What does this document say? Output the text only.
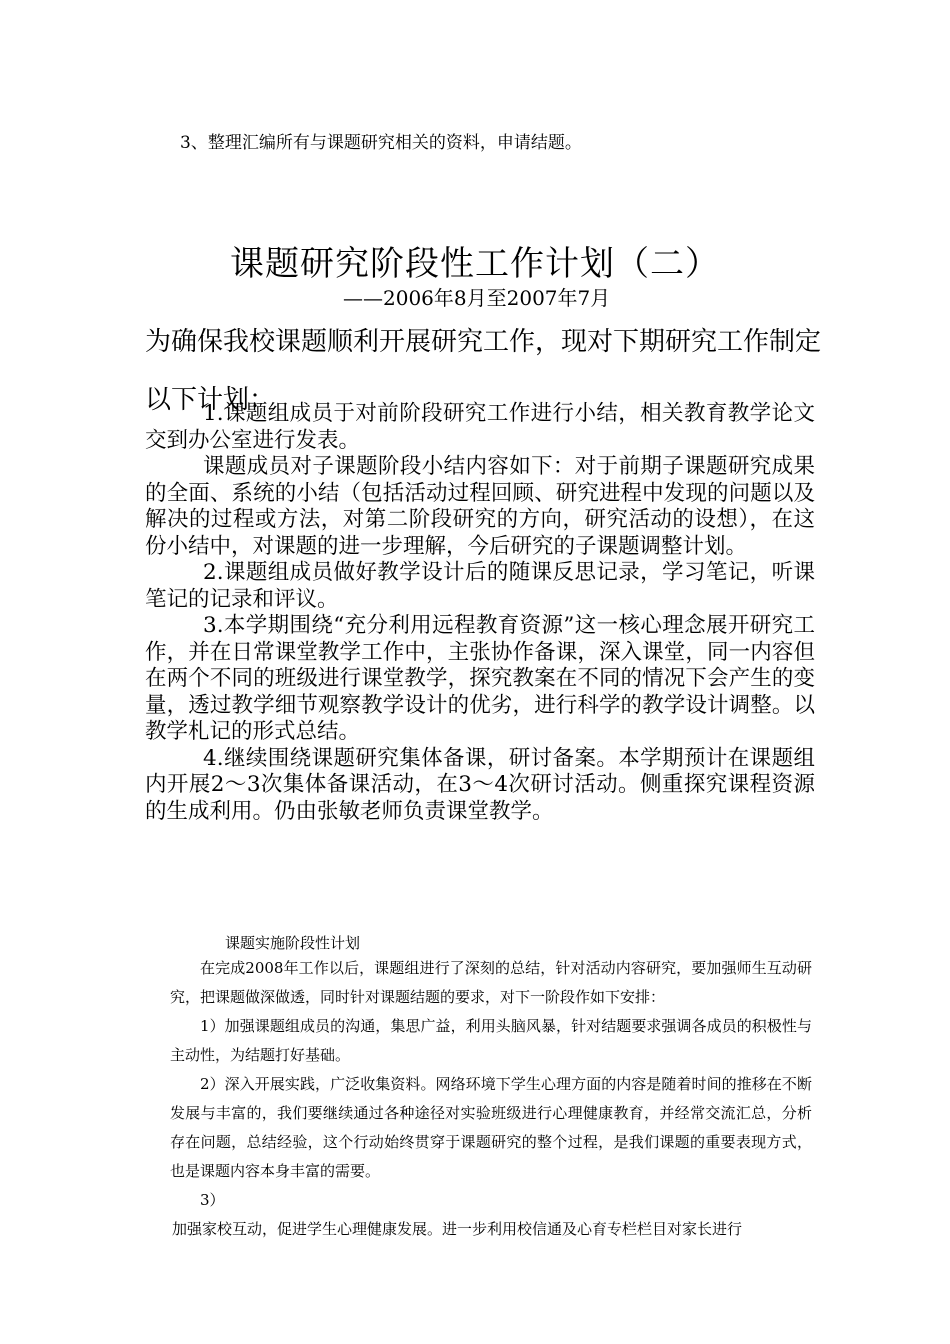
3、整理汇编所有与课题研究相关的资料，申请结题。
课题研究阶段性工作计划（二）
——2006年8月至2007年7月
为确保我校课题顺利开展研究工作，现对下期研究工作制定以下计划：

1.课题组成员于对前阶段研究工作进行小结，相关教育教学论文交到办公室进行发表。

课题成员对子课题阶段小结内容如下：对于前期子课题研究成果的全面、系统的小结（包括活动过程回顾、研究进程中发现的问题以及解决的过程或方法，对第二阶段研究的方向，研究活动的设想），在这份小结中，对课题的进一步理解，今后研究的子课题调整计划。

2.课题组成员做好教学设计后的随课反思记录，学习笔记，听课笔记的记录和评议。

3.本学期围绕“充分利用远程教育资源”这一核心理念展开研究工作，并在日常课堂教学工作中，主张协作备课，深入课堂，同一内容但在两个不同的班级进行课堂教学，探究教案在不同的情况下会产生的变量，透过教学细节观察教学设计的优劣，进行科学的教学设计调整。以教学札记的形式总结。

4.继续围绕课题研究集体备课，研讨备案。本学期预计在课题组内开展2～3次集体备课活动，在3～4次研讨活动。侧重探究课程资源的生成利用。仍由张敏老师负责课堂教学。

课题实施阶段性计划

在完成2008年工作以后，课题组进行了深刻的总结，针对活动内容研究，要加强师生互动研究，把课题做深做透，同时针对课题结题的要求，对下一阶段作如下安排：

1）加强课题组成员的沟通，集思广益，利用头脑风暴，针对结题要求强调各成员的积极性与主动性，为结题打好基础。

2）深入开展实践，广泛收集资料。网络环境下学生心理方面的内容是随着时间的推移在不断发展与丰富的，我们要继续通过各种途径对实验班级进行心理健康教育，并经常交流汇总，分析存在问题，总结经验，这个行动始终贯穿于课题研究的整个过程，是我们课题的重要表现方式，也是课题内容本身丰富的需要。

3）

加强家校互动，促进学生心理健康发展。进一步利用校信通及心育专栏栏目对家长进行
